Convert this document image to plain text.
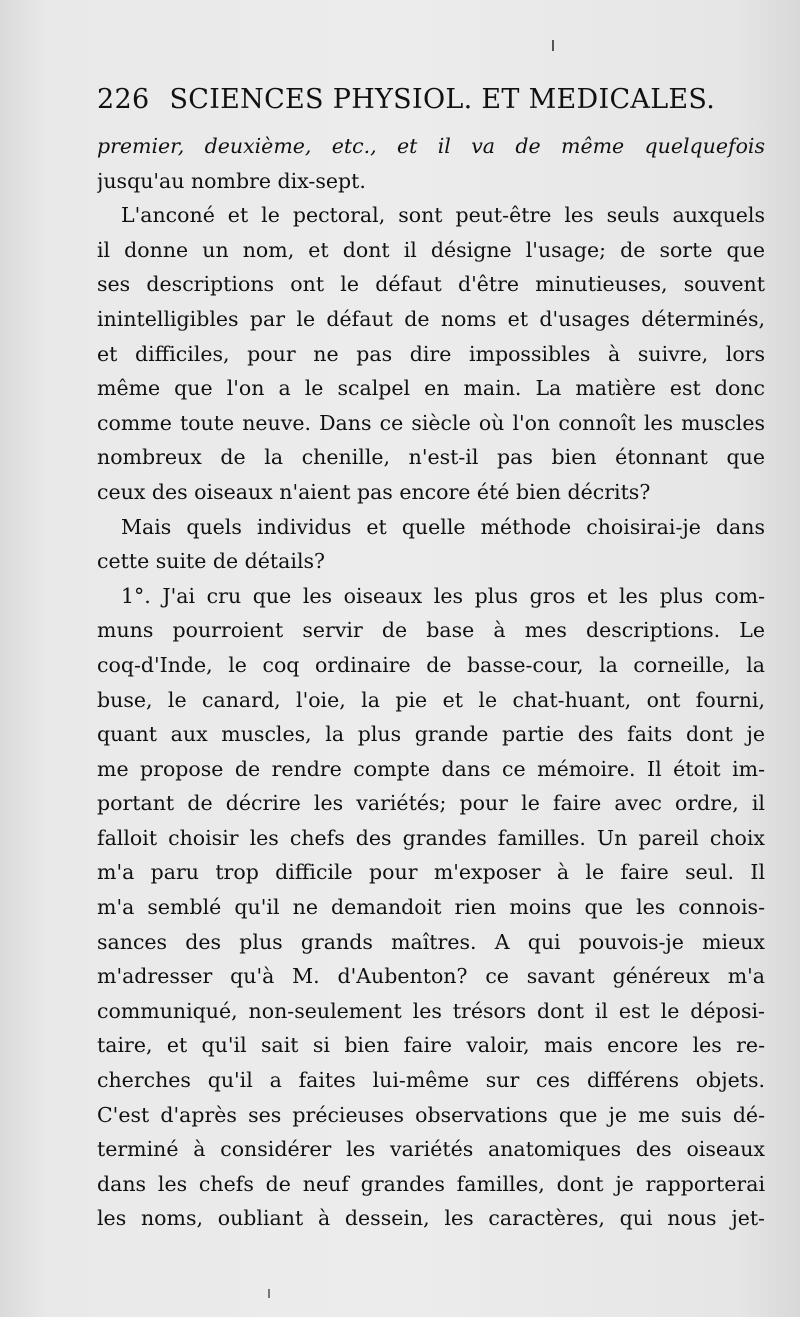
226 SCIENCES PHYSIOL. ET MEDICALES.
premier, deuxième, etc., et il va de même quelquefois
jusqu'au nombre dix-sept.
L'anconé et le pectoral, sont peut-être les seuls auxquels
il donne un nom, et dont il désigne l'usage; de sorte que
ses descriptions ont le défaut d'être minutieuses, souvent
inintelligibles par le défaut de noms et d'usages déterminés,
et difficiles, pour ne pas dire impossibles à suivre, lors
même que l'on a le scalpel en main. La matière est donc
comme toute neuve. Dans ce siècle où l'on connoît les muscles
nombreux de la chenille, n'est-il pas bien étonnant que
ceux des oiseaux n'aient pas encore été bien décrits?
Mais quels individus et quelle méthode choisirai-je dans
cette suite de détails?
1°. J'ai cru que les oiseaux les plus gros et les plus com-
muns pourroient servir de base à mes descriptions. Le
coq-d'Inde, le coq ordinaire de basse-cour, la corneille, la
buse, le canard, l'oie, la pie et le chat-huant, ont fourni,
quant aux muscles, la plus grande partie des faits dont je
me propose de rendre compte dans ce mémoire. Il étoit im-
portant de décrire les variétés; pour le faire avec ordre, il
falloit choisir les chefs des grandes familles. Un pareil choix
m'a paru trop difficile pour m'exposer à le faire seul. Il
m'a semblé qu'il ne demandoit rien moins que les connois-
sances des plus grands maîtres. A qui pouvois-je mieux
m'adresser qu'à M. d'Aubenton? ce savant généreux m'a
communiqué, non-seulement les trésors dont il est le déposi-
taire, et qu'il sait si bien faire valoir, mais encore les re-
cherches qu'il a faites lui-même sur ces différens objets.
C'est d'après ses précieuses observations que je me suis dé-
terminé à considérer les variétés anatomiques des oiseaux
dans les chefs de neuf grandes familles, dont je rapporterai
les noms, oubliant à dessein, les caractères, qui nous jet-
